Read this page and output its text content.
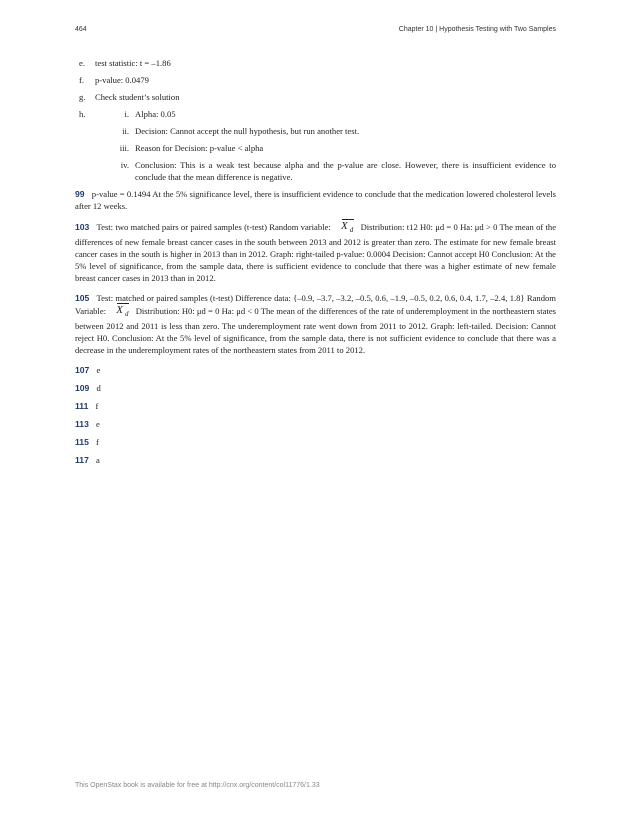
464	Chapter 10 | Hypothesis Testing with Two Samples
e. test statistic: t = –1.86
f. p-value: 0.0479
g. Check student’s solution
h.	i. Alpha: 0.05
ii. Decision: Cannot accept the null hypothesis, but run another test.
iii. Reason for Decision: p-value < alpha
iv. Conclusion: This is a weak test because alpha and the p-value are close. However, there is insufficient evidence to conclude that the mean difference is negative.

99 p-value = 0.1494 At the 5% significance level, there is insufficient evidence to conclude that the medication lowered cholesterol levels after 12 weeks.

103 Test: two matched pairs or paired samples (t-test) Random variable: X $_d$ Distribution: t12 H0: μd = 0 Ha: μd > 0 The mean of the differences of new female breast cancer cases in the south between 2013 and 2012 is greater than zero. The estimate for new female breast cancer cases in the south is higher in 2013 than in 2012. Graph: right-tailed p-value: 0.0004 Decision: Cannot accept H0 Conclusion: At the 5% level of significance, from the sample data, there is sufficient evidence to conclude that there was a higher estimate of new female breast cancer cases in 2013 than in 2012.

105 Test: matched or paired samples (t-test) Difference data: {–0.9, –3.7, –3.2, –0.5, 0.6, –1.9, –0.5, 0.2, 0.6, 0.4, 1.7, –2.4, 1.8} Random Variable: X $_d$ Distribution: H0: μd = 0 Ha: μd < 0 The mean of the differences of the rate of underemployment in the northeastern states between 2012 and 2011 is less than zero. The underemployment rate went down from 2011 to 2012. Graph: left-tailed. Decision: Cannot reject H0. Conclusion: At the 5% level of significance, from the sample data, there is not sufficient evidence to conclude that there was a decrease in the underemployment rates of the northeastern states from 2011 to 2012.

107 e

109 d

111 f

113 e

115 f

117 a

This OpenStax book is available for free at http://cnx.org/content/col11776/1.33
